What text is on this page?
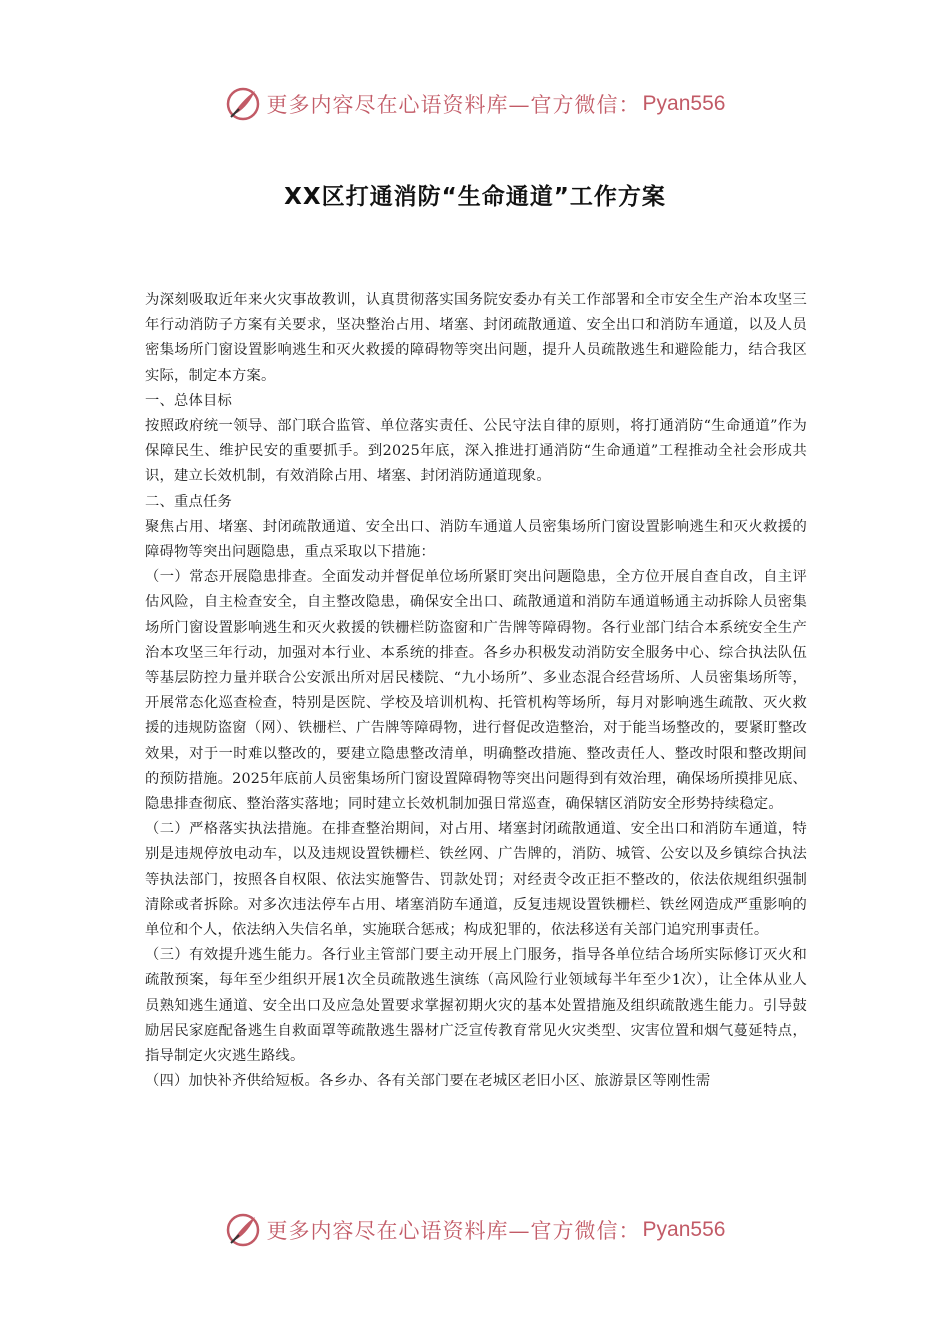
更多内容尽在心语资料库—官方微信： Pyan556
XX区打通消防“生命通道”工作方案

为深刻吸取近年来火灾事故教训，认真贯彻落实国务院安委办有关工作部署和全市安全生产治本攻坚三年行动消防子方案有关要求，坚决整治占用、堵塞、封闭疏散通道、安全出口和消防车通道，以及人员密集场所门窗设置影响逃生和灭火救援的障碍物等突出问题，提升人员疏散逃生和避险能力，结合我区实际，制定本方案。

一、总体目标

按照政府统一领导、部门联合监管、单位落实责任、公民守法自律的原则，将打通消防“生命通道”作为保障民生、维护民安的重要抓手。到2025年底，深入推进打通消防“生命通道”工程推动全社会形成共识，建立长效机制，有效消除占用、堵塞、封闭消防通道现象。

二、重点任务

聚焦占用、堵塞、封闭疏散通道、安全出口、消防车通道人员密集场所门窗设置影响逃生和灭火救援的障碍物等突出问题隐患，重点采取以下措施：

（一）常态开展隐患排查。全面发动并督促单位场所紧盯突出问题隐患，全方位开展自查自改，自主评估风险，自主检查安全，自主整改隐患，确保安全出口、疏散通道和消防车通道畅通主动拆除人员密集场所门窗设置影响逃生和灭火救援的铁栅栏防盗窗和广告牌等障碍物。各行业部门结合本系统安全生产治本攻坚三年行动，加强对本行业、本系统的排查。各乡办积极发动消防安全服务中心、综合执法队伍等基层防控力量并联合公安派出所对居民楼院、“九小场所”、多业态混合经营场所、人员密集场所等，开展常态化巡查检查，特别是医院、学校及培训机构、托管机构等场所，每月对影响逃生疏散、灭火救援的违规防盗窗（网）、铁栅栏、广告牌等障碍物，进行督促改造整治，对于能当场整改的，要紧盯整改效果，对于一时难以整改的，要建立隐患整改清单，明确整改措施、整改责任人、整改时限和整改期间的预防措施。2025年底前人员密集场所门窗设置障碍物等突出问题得到有效治理，确保场所摸排见底、隐患排查彻底、整治落实落地；同时建立长效机制加强日常巡查，确保辖区消防安全形势持续稳定。

（二）严格落实执法措施。在排查整治期间，对占用、堵塞封闭疏散通道、安全出口和消防车通道，特别是违规停放电动车，以及违规设置铁栅栏、铁丝网、广告牌的，消防、城管、公安以及乡镇综合执法等执法部门，按照各自权限、依法实施警告、罚款处罚；对经责令改正拒不整改的，依法依规组织强制清除或者拆除。对多次违法停车占用、堵塞消防车通道，反复违规设置铁栅栏、铁丝网造成严重影响的单位和个人，依法纳入失信名单，实施联合惩戒；构成犯罪的，依法移送有关部门追究刑事责任。

（三）有效提升逃生能力。各行业主管部门要主动开展上门服务，指导各单位结合场所实际修订灭火和疏散预案，每年至少组织开展1次全员疏散逃生演练（高风险行业领域每半年至少1次），让全体从业人员熟知逃生通道、安全出口及应急处置要求掌握初期火灾的基本处置措施及组织疏散逃生能力。引导鼓励居民家庭配备逃生自救面罩等疏散逃生器材广泛宣传教育常见火灾类型、灾害位置和烟气蔓延特点，指导制定火灾逃生路线。

（四）加快补齐供给短板。各乡办、各有关部门要在老城区老旧小区、旅游景区等刚性需

更多内容尽在心语资料库—官方微信： Pyan556
